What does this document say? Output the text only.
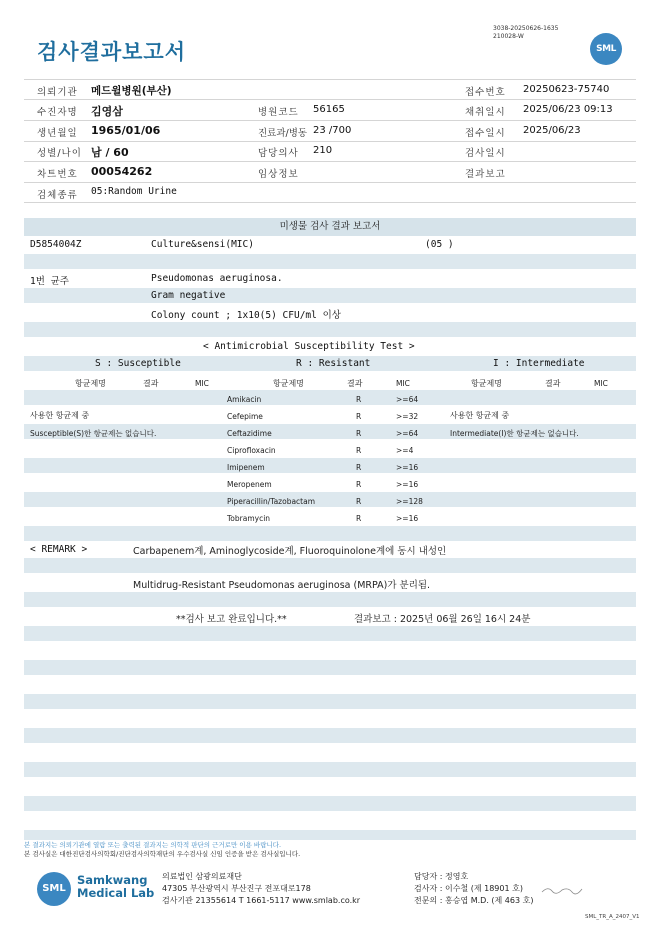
검사결과보고서
3038-20250626-1635
210028-W
SML
의뢰기관 메드윌병원(부산)	접수번호 20250623-75740
수진자명 김영삼	병원코드 56165	채취일시 2025/06/23 09:13
생년월일 1965/01/06	진료과/병동 23 /700	접수일시 2025/06/23
성별/나이 남 / 60	담당의사 210	검사일시
차트번호 00054262	임상정보	결과보고
검체종류 05:Random Urine
미생물 검사 결과 보고서
D5854004Z	Culture&sensi(MIC)	(05 )
1번 균주	Pseudomonas aeruginosa.
Gram negative
Colony count ; 1x10(5) CFU/ml 이상
< Antimicrobial Susceptibility Test >
S : Susceptible	R : Resistant	I : Intermediate
항균제명	결과	MIC	항균제명	결과	MIC	항균제명	결과	MIC
사용한 항균제 중
Susceptible(S)한 항균제는 없습니다.
사용한 항균제 중
Intermediate(I)한 항균제는 없습니다.
Amikacin	R	>=64
Cefepime	R	>=32
Ceftazidime	R	>=64
Ciprofloxacin	R	>=4
Imipenem	R	>=16
Meropenem	R	>=16
Piperacillin/Tazobactam	R	>=128
Tobramycin	R	>=16
< REMARK >	Carbapenem계, Aminoglycoside계, Fluoroquinolone계에 동시 내성인
Multidrug-Resistant Pseudomonas aeruginosa (MRPA)가 분리됨.
**검사 보고 완료입니다.**	결과보고 : 2025년 06월 26일 16시 24분
본 결과지는 의뢰기관에 열람 또는 출력된 결과지는 의학적 판단의 근거로만 이용 바랍니다.
본 검사실은 대한진단검사의학회/진단검사의학재단의 우수검사실 신임 인증을 받은 검사실입니다.
SML
Samkwang
Medical Lab
의료법인 삼광의료재단
47305 부산광역시 부산진구 전포대로178
검사기관 21355614 T 1661-5117 www.smlab.co.kr
담당자 : 정영호
검사자 : 이수철 (제 18901 호)
전문의 : 홍승엽 M.D. (제 463 호)
SML_TR_A_2407_V1
